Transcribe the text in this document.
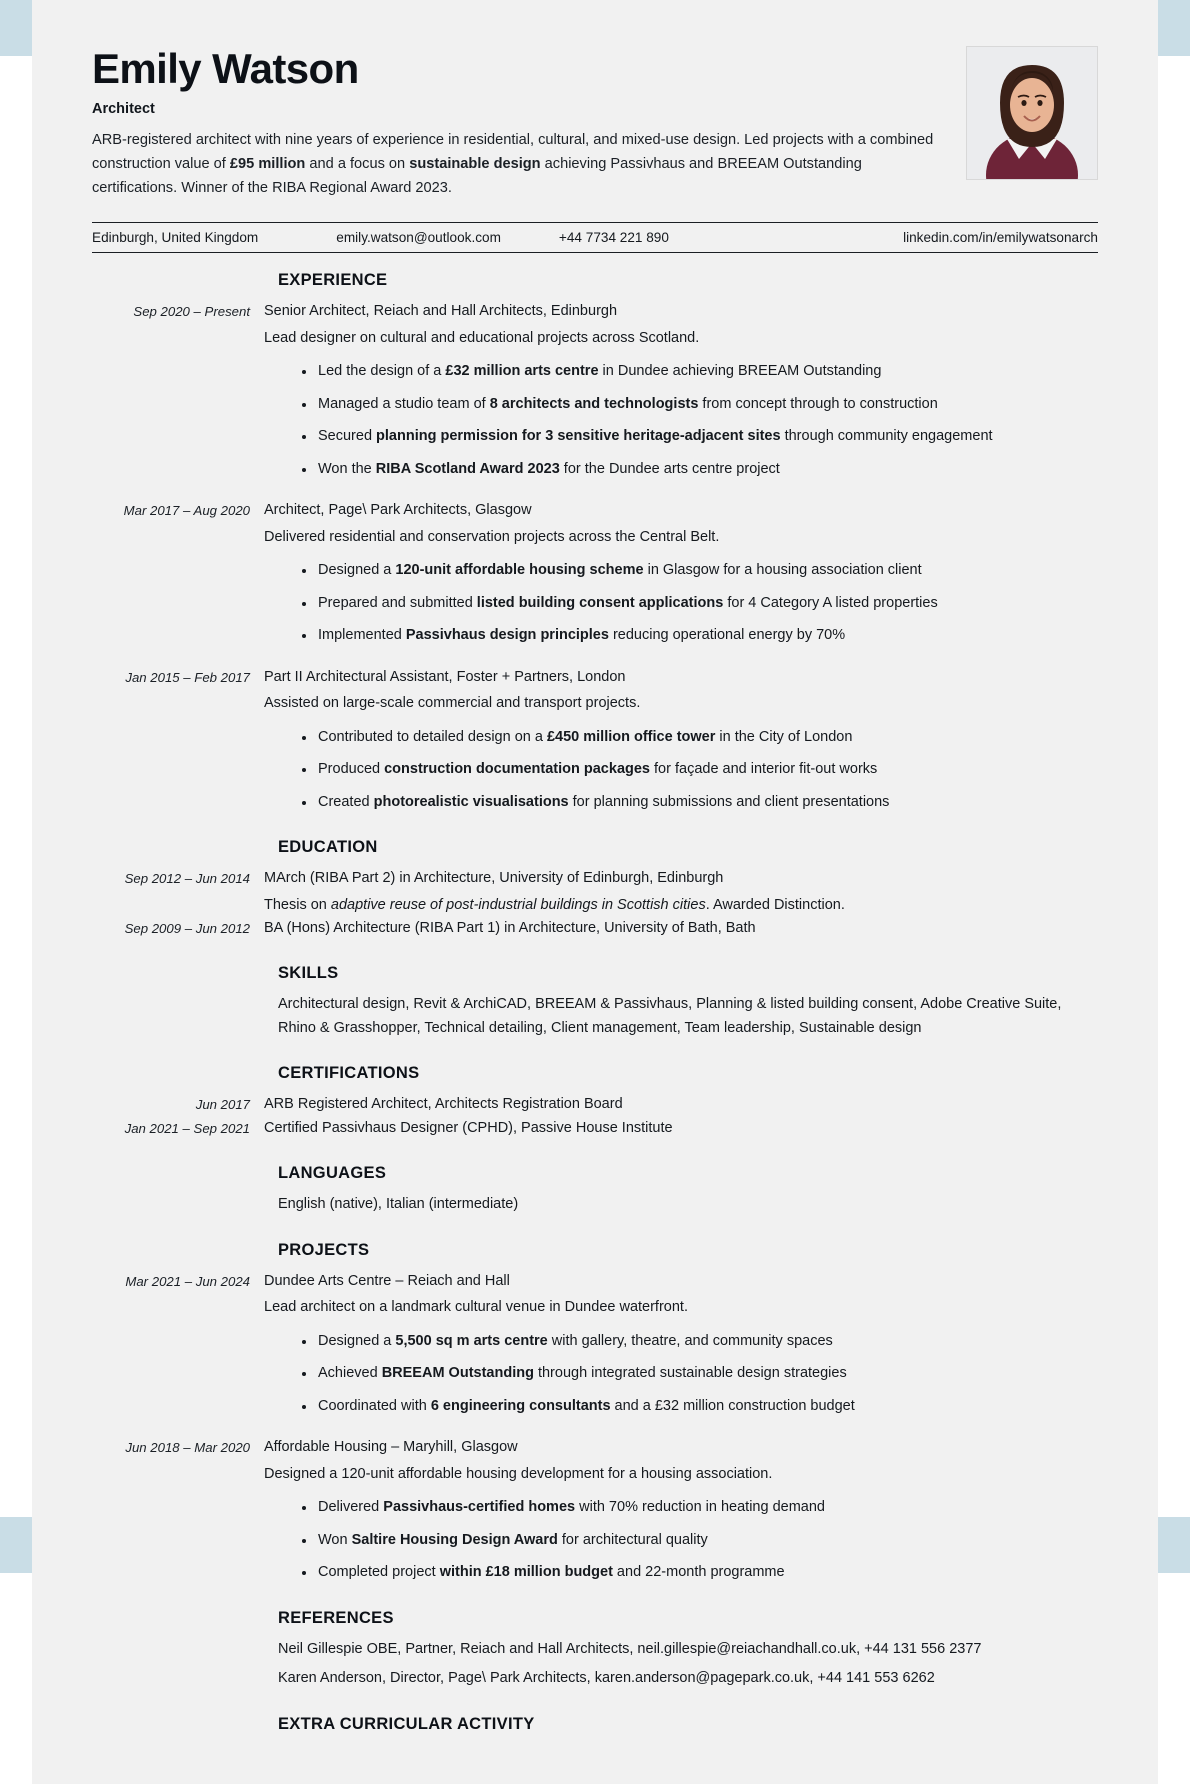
Emily Watson
Architect

ARB-registered architect with nine years of experience in residential, cultural, and mixed-use design. Led projects with a combined construction value of £95 million and a focus on sustainable design achieving Passivhaus and BREEAM Outstanding certifications. Winner of the RIBA Regional Award 2023.

Edinburgh, United Kingdom	emily.watson@outlook.com	+44 7734 221 890	linkedin.com/in/emilywatsonarch
EXPERIENCE
Sep 2020 – Present Senior Architect, Reiach and Hall Architects, Edinburgh

Lead designer on cultural and educational projects across Scotland.

Led the design of a £32 million arts centre in Dundee achieving BREEAM Outstanding
Managed a studio team of 8 architects and technologists from concept through to construction
Secured planning permission for 3 sensitive heritage-adjacent sites through community engagement
Won the RIBA Scotland Award 2023 for the Dundee arts centre project
Mar 2017 – Aug 2020 Architect, Page\ Park Architects, Glasgow

Delivered residential and conservation projects across the Central Belt.

Designed a 120-unit affordable housing scheme in Glasgow for a housing association client
Prepared and submitted listed building consent applications for 4 Category A listed properties
Implemented Passivhaus design principles reducing operational energy by 70%
Jan 2015 – Feb 2017 Part II Architectural Assistant, Foster + Partners, London

Assisted on large-scale commercial and transport projects.

Contributed to detailed design on a £450 million office tower in the City of London
Produced construction documentation packages for façade and interior fit-out works
Created photorealistic visualisations for planning submissions and client presentations
EDUCATION
Sep 2012 – Jun 2014 MArch (RIBA Part 2) in Architecture, University of Edinburgh, Edinburgh

Thesis on adaptive reuse of post-industrial buildings in Scottish cities. Awarded Distinction.

Sep 2009 – Jun 2012 BA (Hons) Architecture (RIBA Part 1) in Architecture, University of Bath, Bath

SKILLS
Architectural design, Revit & ArchiCAD, BREEAM & Passivhaus, Planning & listed building consent, Adobe Creative Suite, Rhino & Grasshopper, Technical detailing, Client management, Team leadership, Sustainable design
CERTIFICATIONS
Jun 2017 ARB Registered Architect, Architects Registration Board

Jan 2021 – Sep 2021 Certified Passivhaus Designer (CPHD), Passive House Institute

LANGUAGES
English (native), Italian (intermediate)
PROJECTS
Mar 2021 – Jun 2024 Dundee Arts Centre – Reiach and Hall

Lead architect on a landmark cultural venue in Dundee waterfront.

Designed a 5,500 sq m arts centre with gallery, theatre, and community spaces
Achieved BREEAM Outstanding through integrated sustainable design strategies
Coordinated with 6 engineering consultants and a £32 million construction budget
Jun 2018 – Mar 2020 Affordable Housing – Maryhill, Glasgow

Designed a 120-unit affordable housing development for a housing association.

Delivered Passivhaus-certified homes with 70% reduction in heating demand
Won Saltire Housing Design Award for architectural quality
Completed project within £18 million budget and 22-month programme
REFERENCES

Neil Gillespie OBE, Partner, Reiach and Hall Architects, neil.gillespie@reiachandhall.co.uk, +44 131 556 2377

Karen Anderson, Director, Page\ Park Architects, karen.anderson@pagepark.co.uk, +44 141 553 6262

EXTRA CURRICULAR ACTIVITY
